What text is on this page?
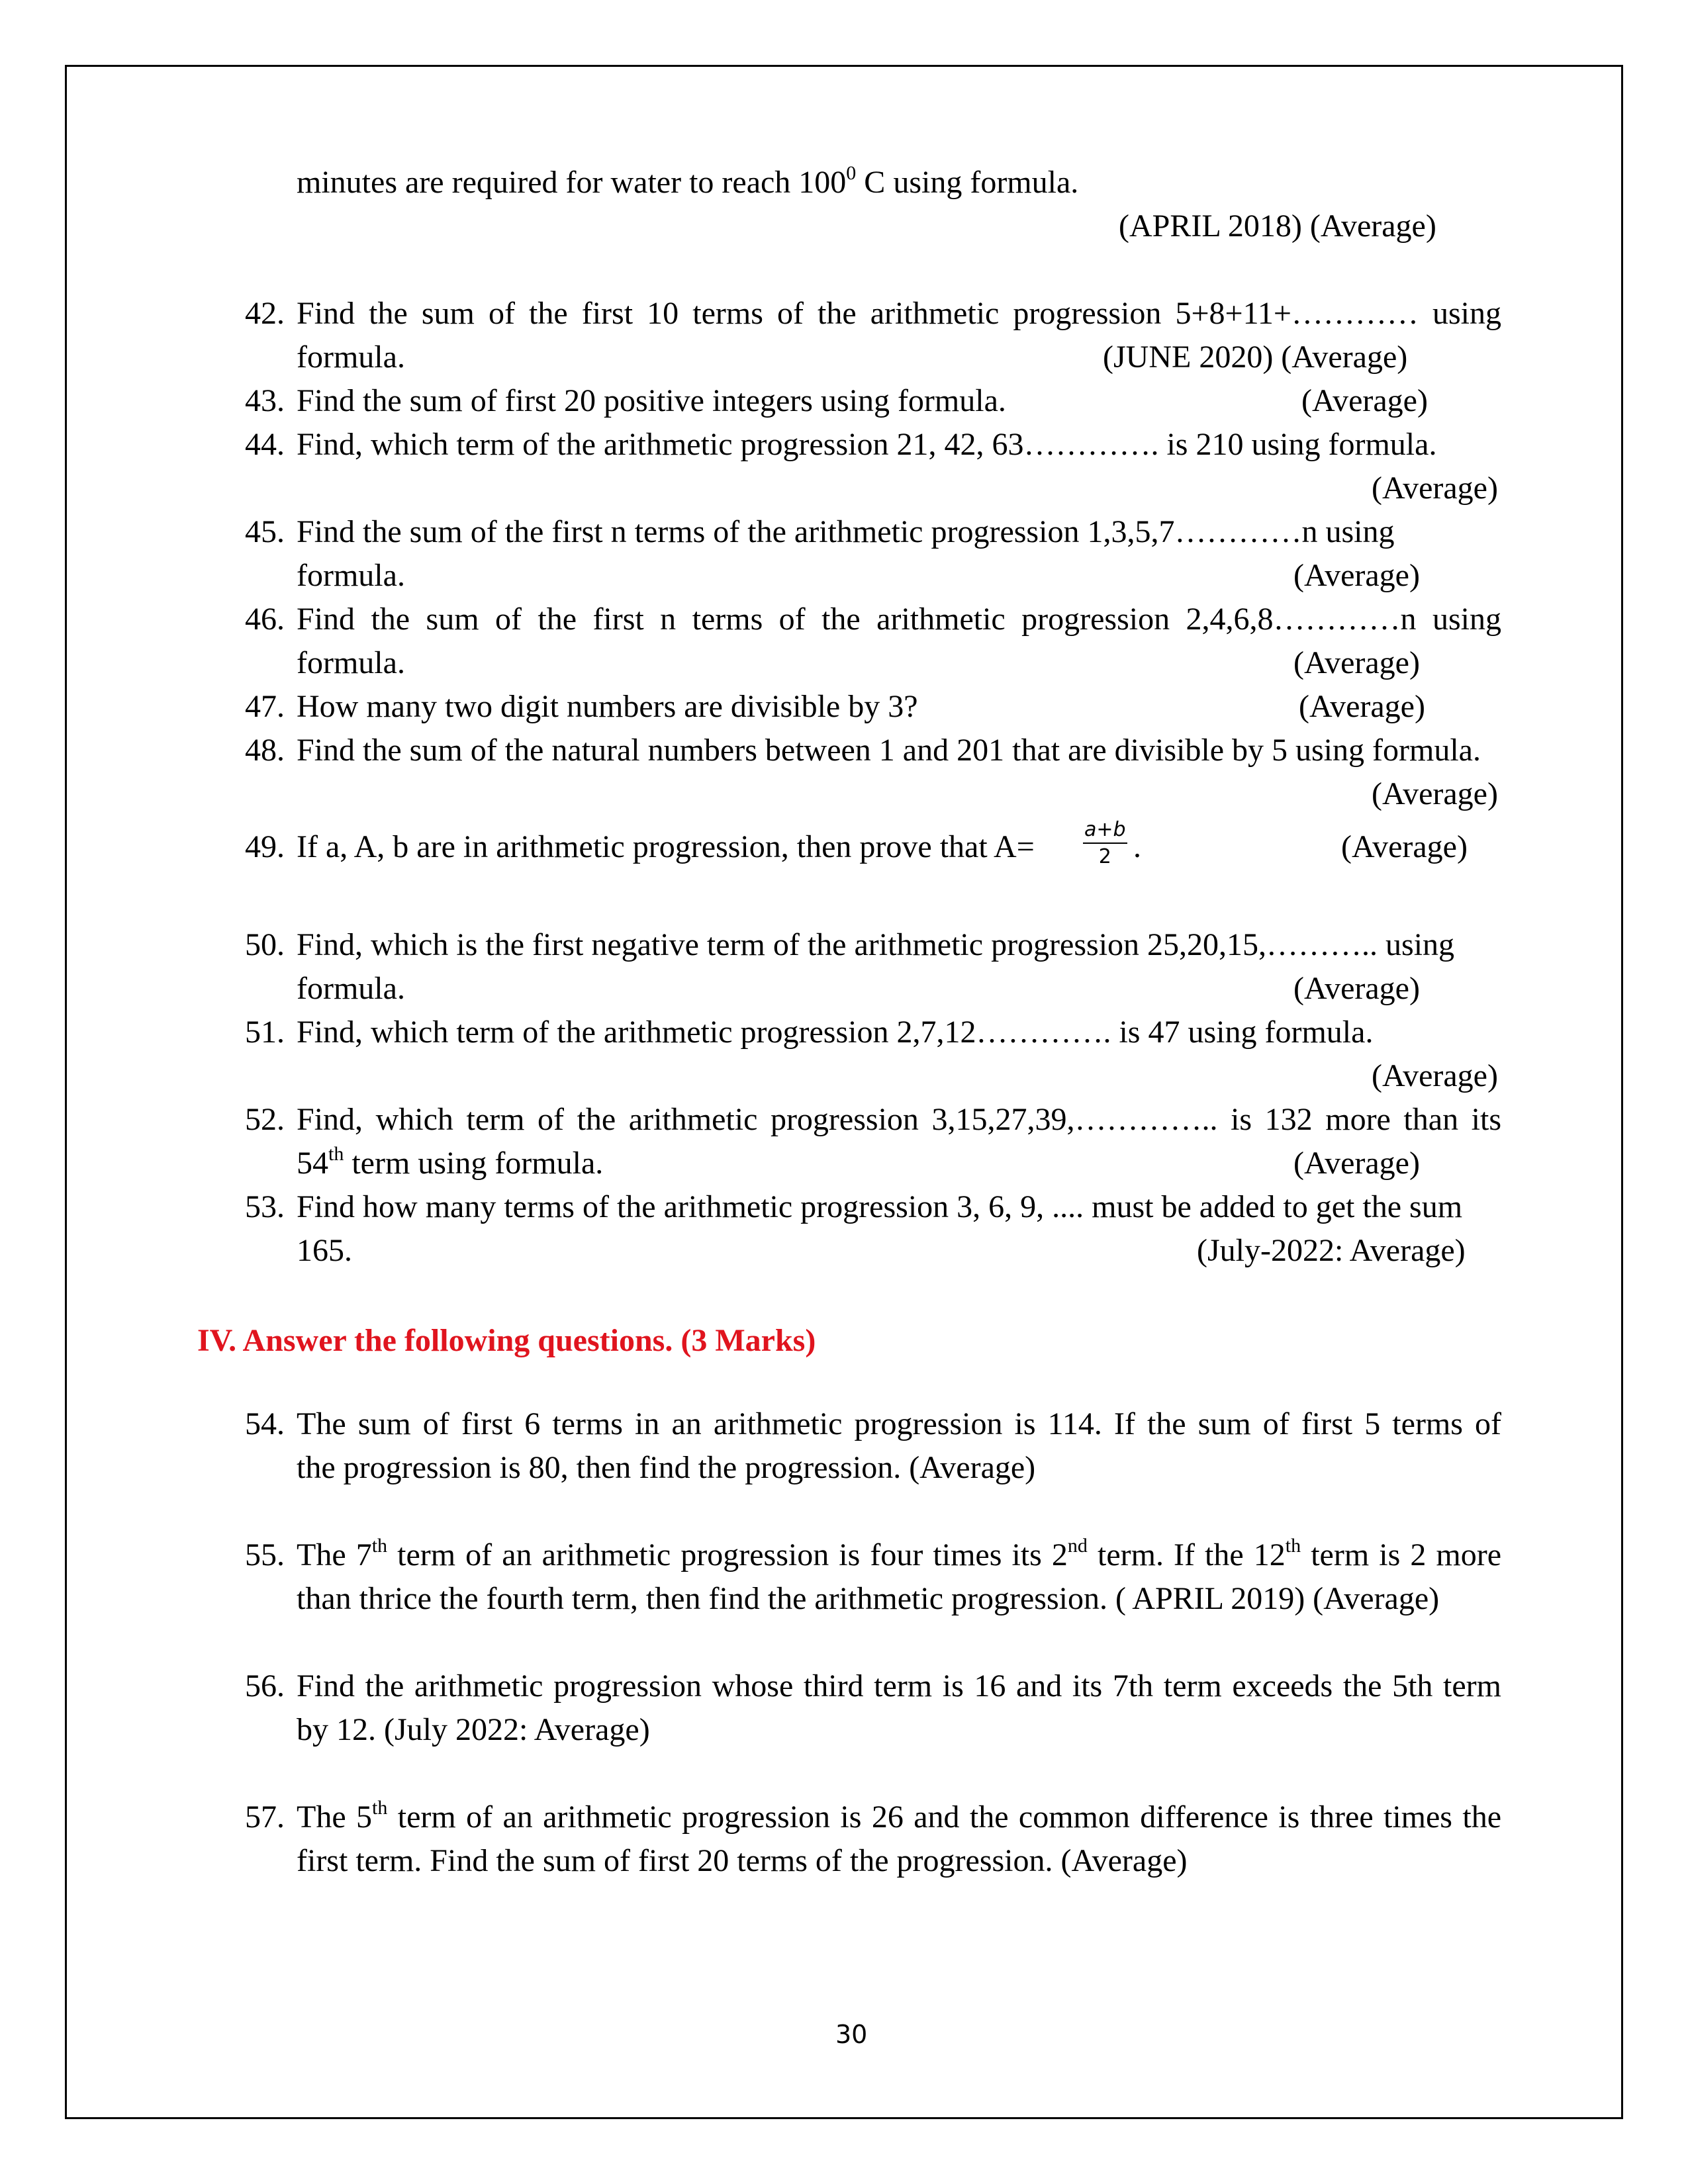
minutes are required for water to reach $100^0$ C using formula.
(APRIL 2018) (Average)
42. Find the sum of the first 10 terms of the arithmetic progression 5+8+11+………… using
formula.	(JUNE 2020) (Average)
43. Find the sum of first 20 positive integers using formula.	(Average)
44. Find, which term of the arithmetic progression 21, 42, 63…………. is 210 using formula.
(Average)
45. Find the sum of the first n terms of the arithmetic progression 1,3,5,7…………n using
formula.	(Average)
46. Find the sum of the first n terms of the arithmetic progression 2,4,6,8…………n using
formula.	(Average)
47. How many two digit numbers are divisible by 3?	(Average)
48. Find the sum of the natural numbers between 1 and 201 that are divisible by 5 using formula.
(Average)
49. If a, A, b are in arithmetic progression, then prove that $A= \frac{a+b}{2}$ .	(Average)
50. Find, which is the first negative term of the arithmetic progression 25,20,15,……….. using
formula.	(Average)
51. Find, which term of the arithmetic progression 2,7,12…………. is 47 using formula.
(Average)
52. Find, which term of the arithmetic progression 3,15,27,39,………….. is 132 more than its
54th term using formula.	(Average)
53. Find how many terms of the arithmetic progression 3, 6, 9, .... must be added to get the sum
165.	(July-2022: Average)
IV. Answer the following questions. (3 Marks)
54. The sum of first 6 terms in an arithmetic progression is 114. If the sum of first 5 terms of
the progression is 80, then find the progression. (Average)
55. The 7th term of an arithmetic progression is four times its 2nd term. If the 12th term is 2 more
than thrice the fourth term, then find the arithmetic progression. ( APRIL 2019) (Average)
56. Find the arithmetic progression whose third term is 16 and its 7th term exceeds the 5th term
by 12. (July 2022: Average)
57. The 5th term of an arithmetic progression is 26 and the common difference is three times the
first term. Find the sum of first 20 terms of the progression. (Average)
30
